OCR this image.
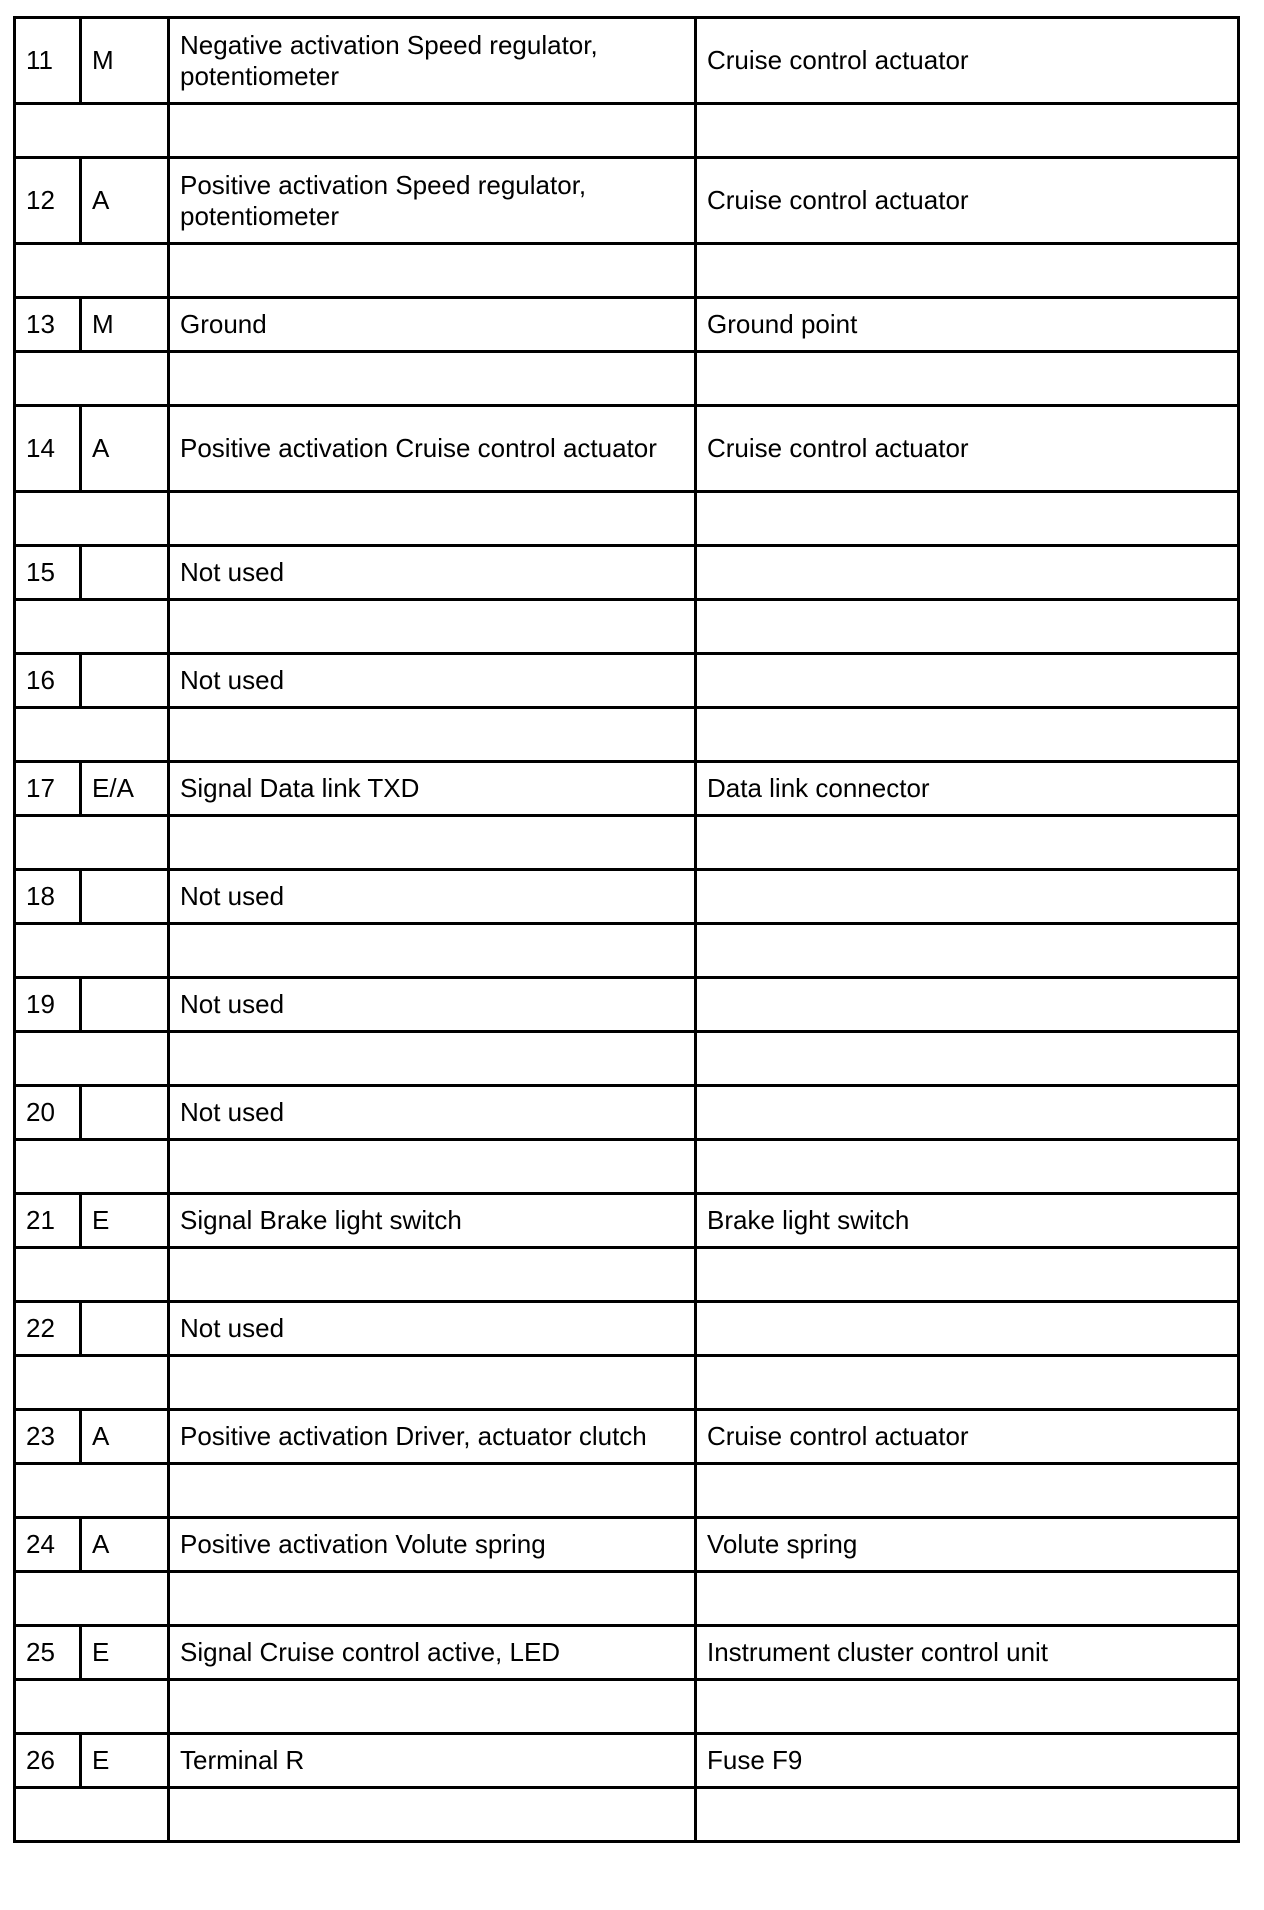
11	M	Negative activation Speed regulator, potentiometer	Cruise control actuator

12	A	Positive activation Speed regulator, potentiometer	Cruise control actuator

13	M	Ground	Ground point

14	A	Positive activation Cruise control actuator	Cruise control actuator

15		Not used	

16		Not used	

17	E/A	Signal Data link TXD	Data link connector

18		Not used	

19		Not used	

20		Not used	

21	E	Signal Brake light switch	Brake light switch

22		Not used	

23	A	Positive activation Driver, actuator clutch	Cruise control actuator

24	A	Positive activation Volute spring	Volute spring

25	E	Signal Cruise control active, LED	Instrument cluster control unit

26	E	Terminal R	Fuse F9
